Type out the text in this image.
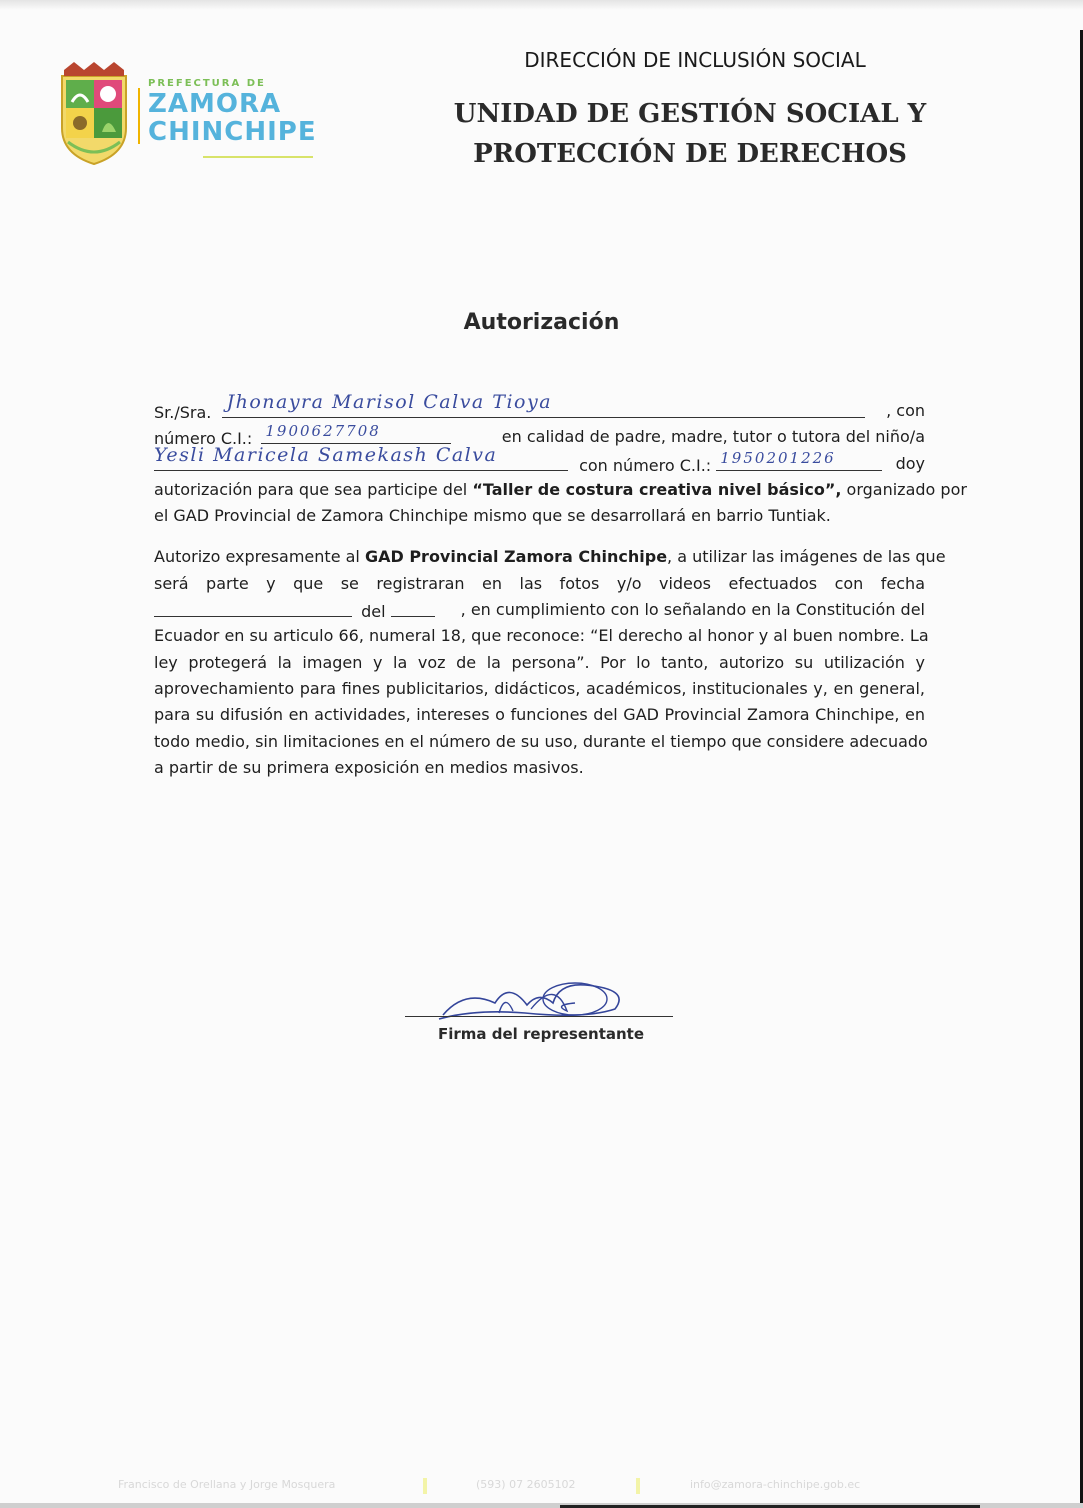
PREFECTURA DE
ZAMORA
CHINCHIPE
DIRECCIÓN DE INCLUSIÓN SOCIAL
UNIDAD DE GESTIÓN SOCIAL Y
PROTECCIÓN DE DERECHOS
Autorización
Sr./Sra. Jhonayra Marisol Calva Tioya	, con
número C.I.: 1900627708	en calidad de padre, madre, tutor o tutora del niño/a
Yesli Maricela Samekash Calva	con número C.I.: 1950201226	doy
autorización para que sea participe del “Taller de costura creativa nivel básico”, organizado por
el GAD Provincial de Zamora Chinchipe mismo que se desarrollará en barrio Tuntiak.
Autorizo expresamente al GAD Provincial Zamora Chinchipe, a utilizar las imágenes de las que
será parte y que se registraran en las fotos y/o videos efectuados con fecha
del	, en cumplimiento con lo señalando en la Constitución del
Ecuador en su articulo 66, numeral 18, que reconoce: “El derecho al honor y al buen nombre. La
ley protegerá la imagen y la voz de la persona”. Por lo tanto, autorizo su utilización y
aprovechamiento para fines publicitarios, didácticos, académicos, institucionales y, en general,
para su difusión en actividades, intereses o funciones del GAD Provincial Zamora Chinchipe, en
todo medio, sin limitaciones en el número de su uso, durante el tiempo que considere adecuado
a partir de su primera exposición en medios masivos.
Firma del representante
Francisco de Orellana y Jorge Mosquera	(593) 07 2605102	info@zamora-chinchipe.gob.ec
